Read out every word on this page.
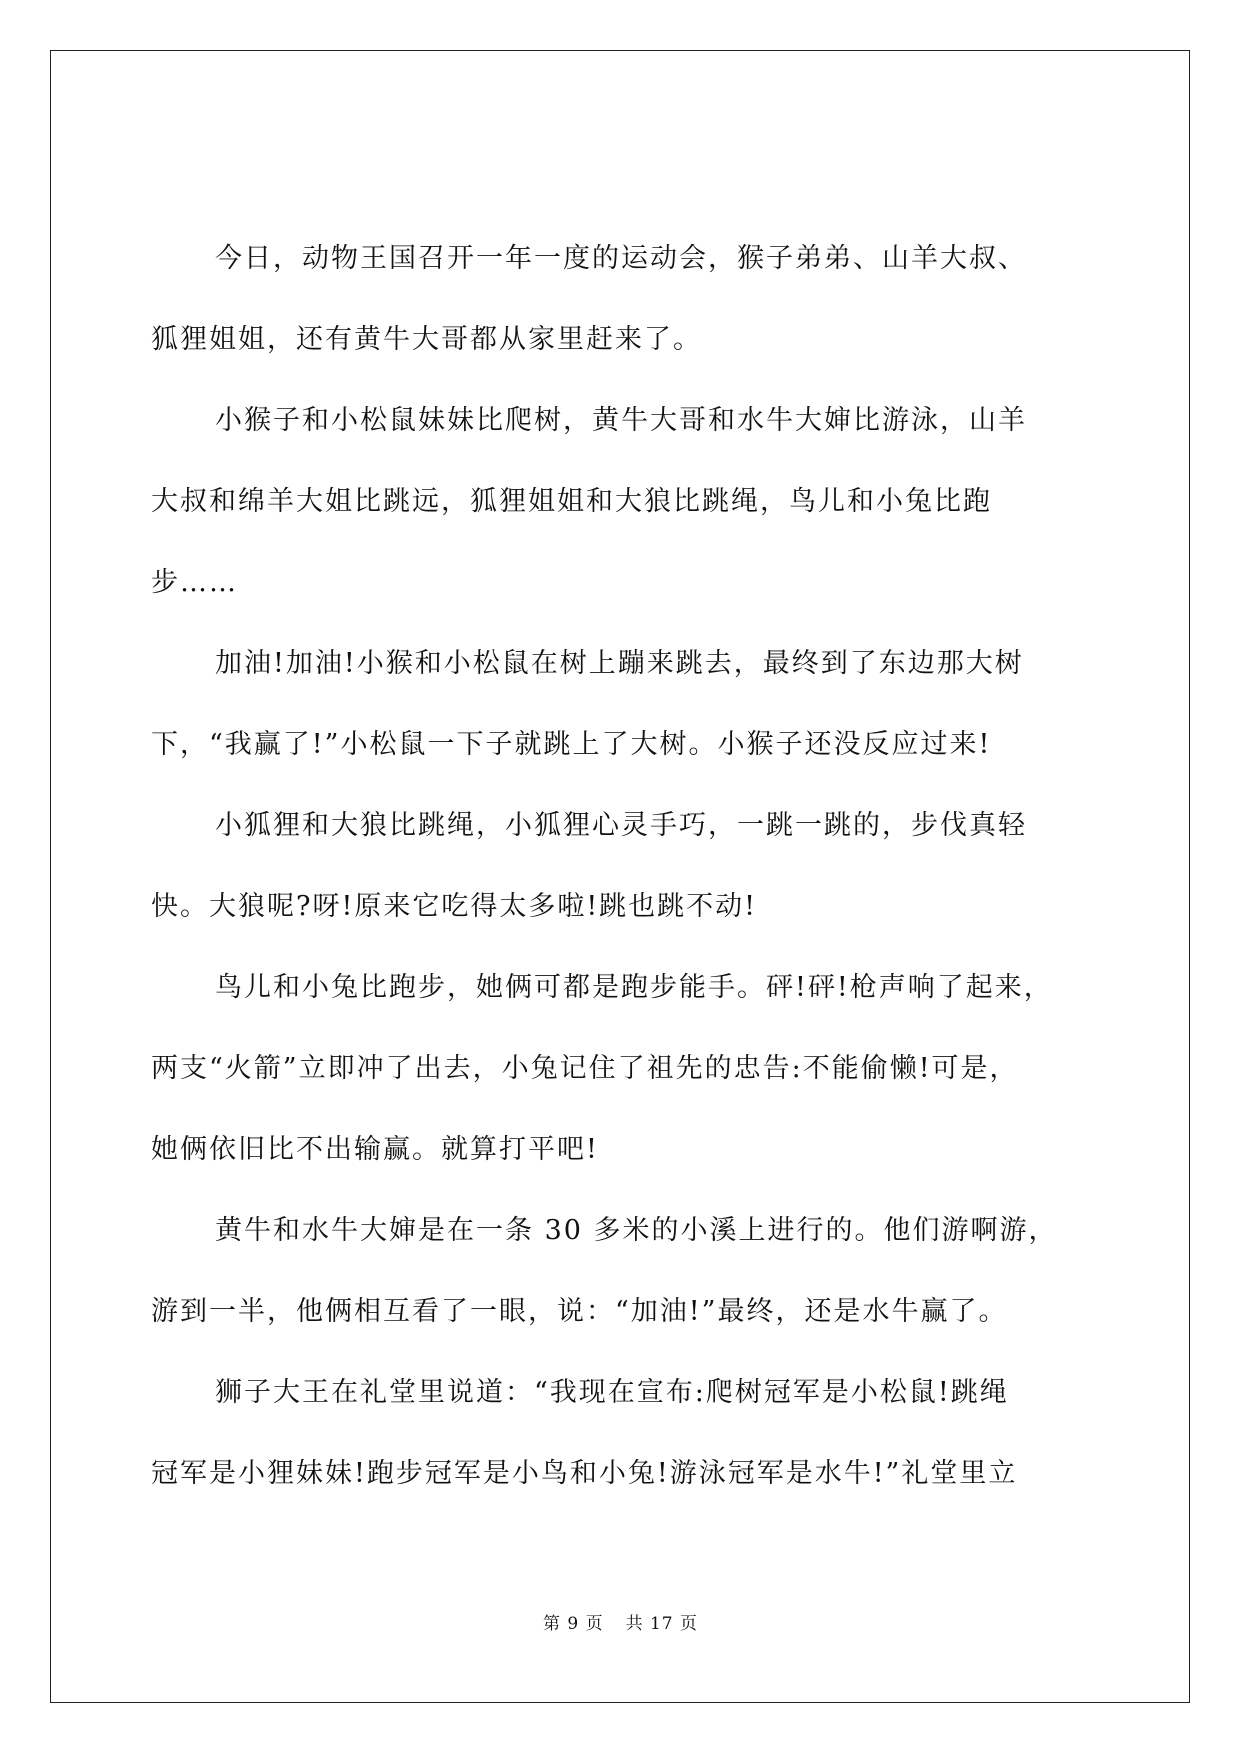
今日，动物王国召开一年一度的运动会，猴子弟弟、山羊大叔、
狐狸姐姐，还有黄牛大哥都从家里赶来了。

小猴子和小松鼠妹妹比爬树，黄牛大哥和水牛大婶比游泳，山羊
大叔和绵羊大姐比跳远，狐狸姐姐和大狼比跳绳，鸟儿和小兔比跑
步……

加油!加油!小猴和小松鼠在树上蹦来跳去，最终到了东边那大树
下，“我赢了!”小松鼠一下子就跳上了大树。小猴子还没反应过来!

小狐狸和大狼比跳绳，小狐狸心灵手巧，一跳一跳的，步伐真轻
快。大狼呢?呀!原来它吃得太多啦!跳也跳不动!

鸟儿和小兔比跑步，她俩可都是跑步能手。砰!砰!枪声响了起来，
两支“火箭”立即冲了出去，小兔记住了祖先的忠告:不能偷懒!可是，
她俩依旧比不出输赢。就算打平吧!

黄牛和水牛大婶是在一条 30 多米的小溪上进行的。他们游啊游，
游到一半，他俩相互看了一眼，说：“加油!”最终，还是水牛赢了。

狮子大王在礼堂里说道：“我现在宣布:爬树冠军是小松鼠!跳绳
冠军是小狸妹妹!跑步冠军是小鸟和小兔!游泳冠军是水牛!”礼堂里立

第 9 页 共 17 页
